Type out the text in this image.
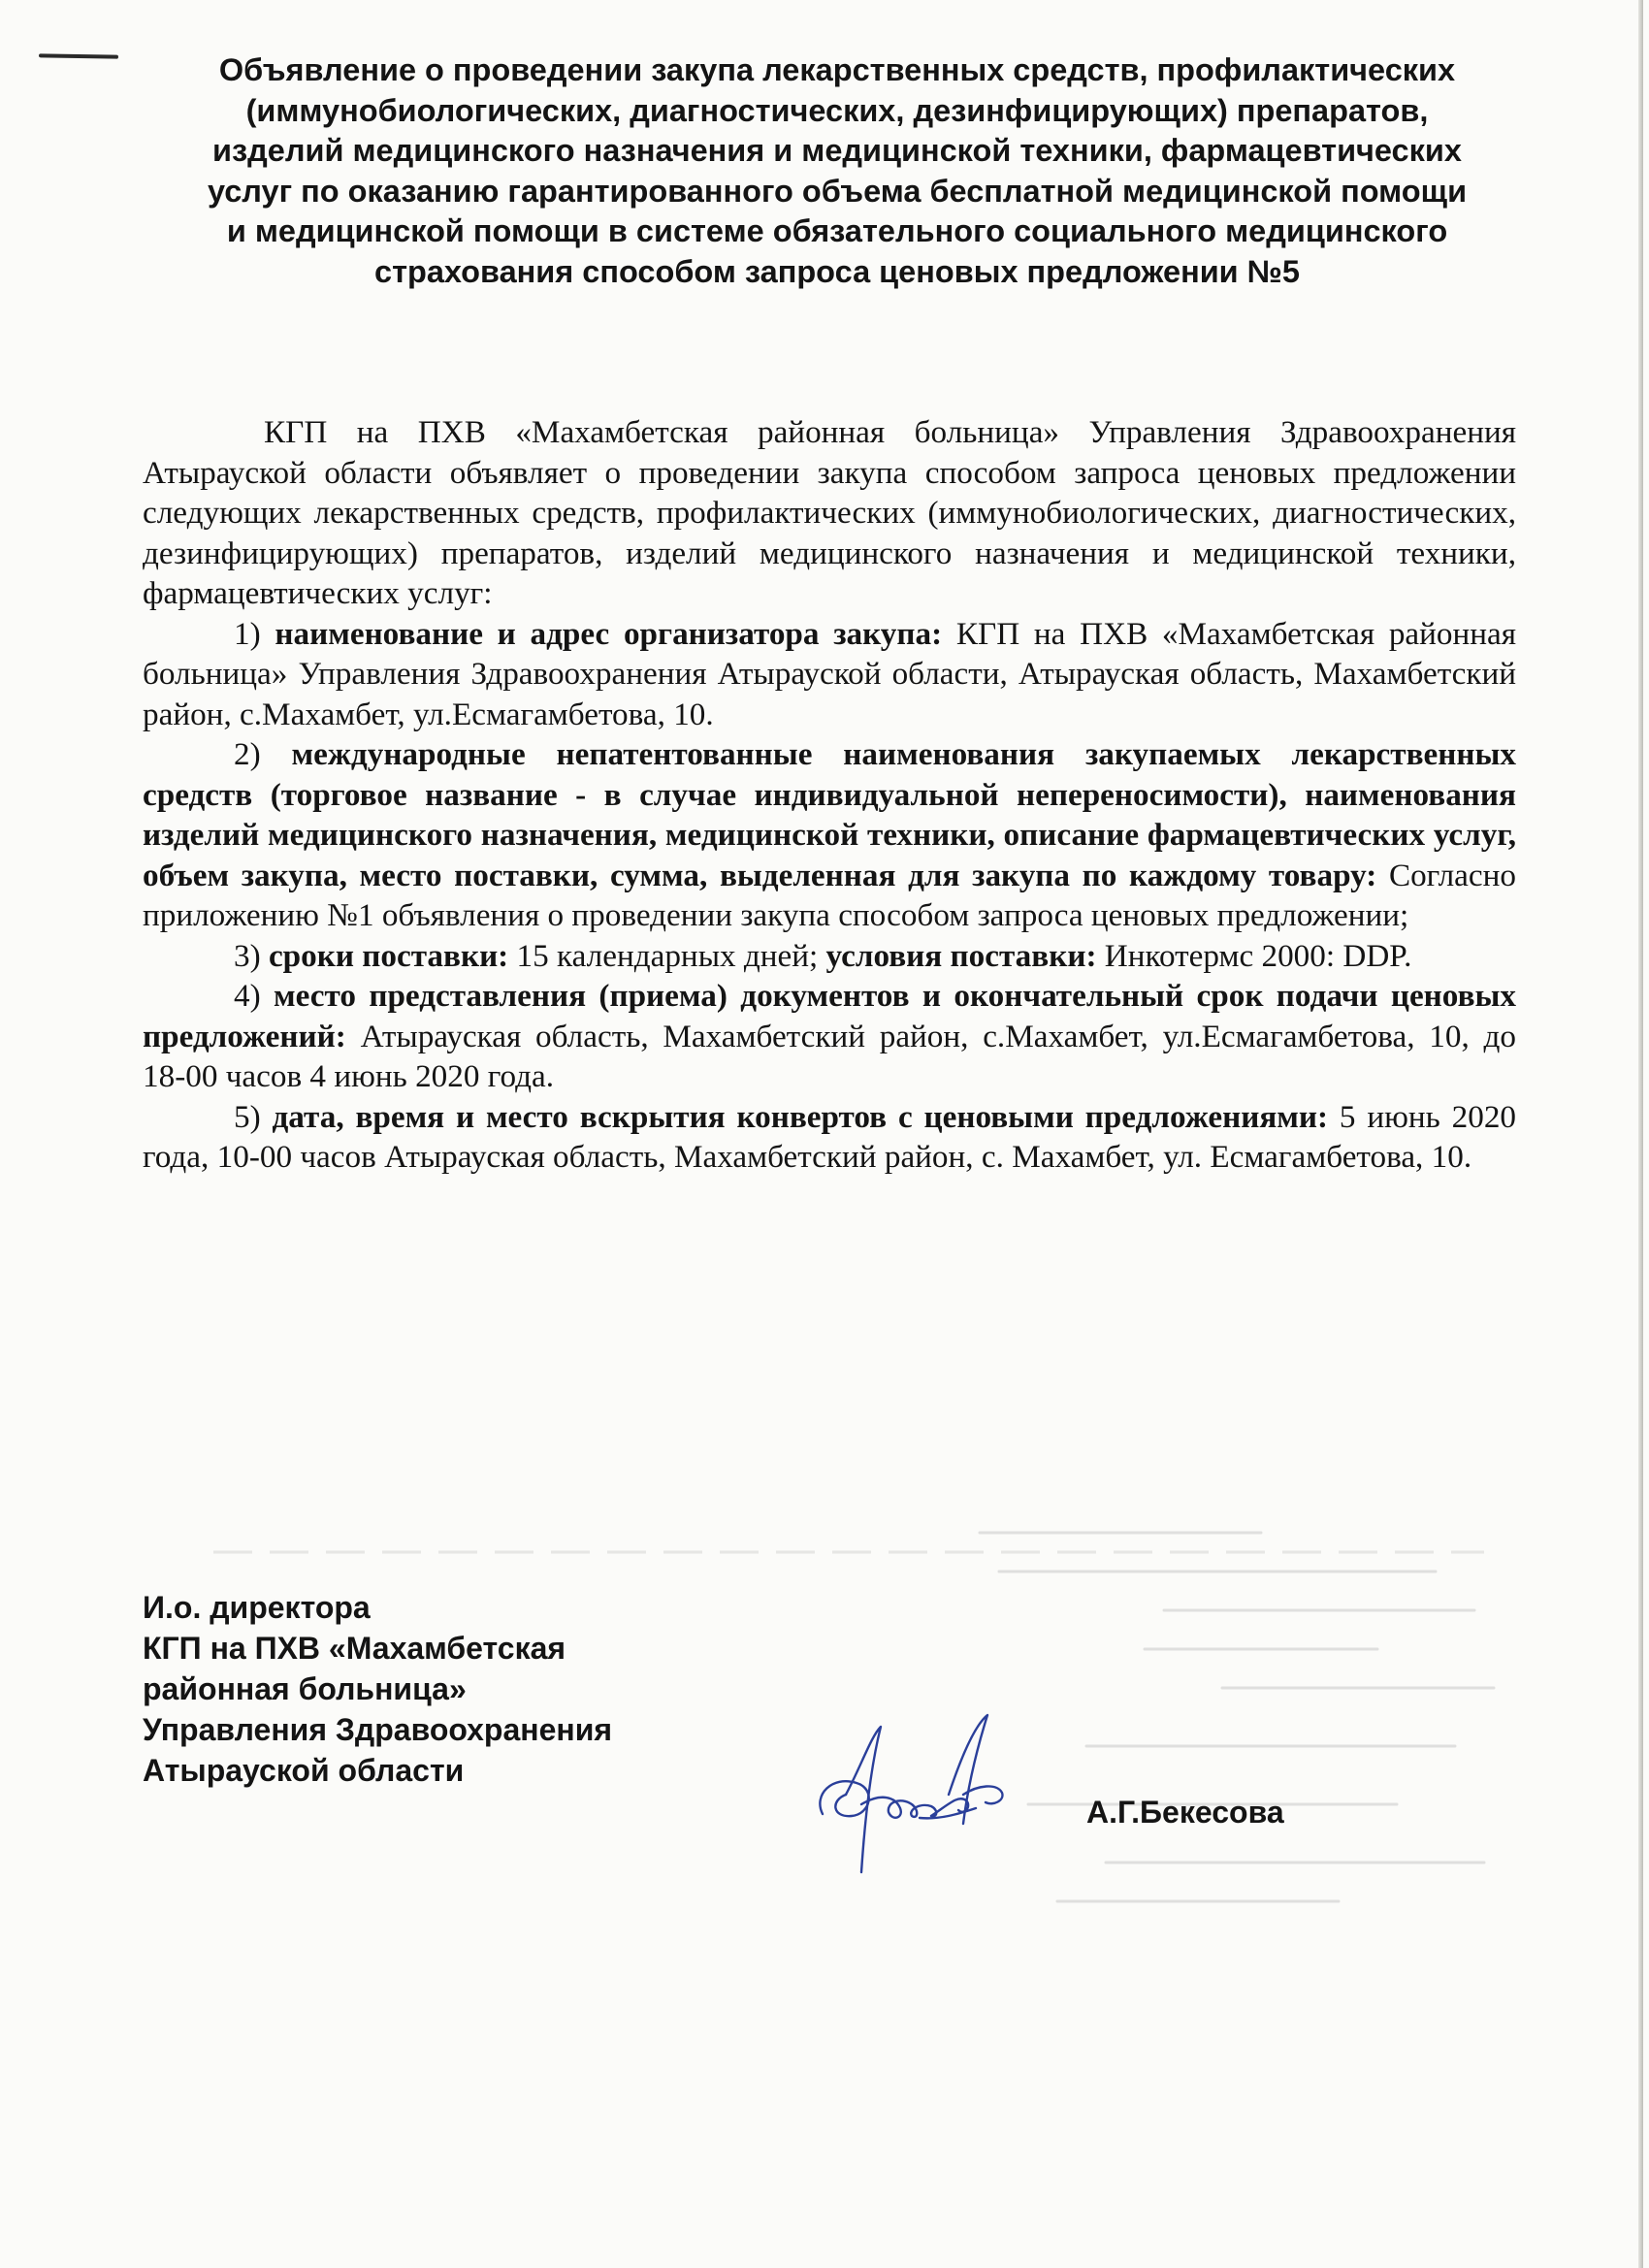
Объявление о проведении закупа лекарственных средств, профилактических
(иммунобиологических, диагностических, дезинфицирующих) препаратов,
изделий медицинского назначения и медицинской техники, фармацевтических
услуг по оказанию гарантированного объема бесплатной медицинской помощи
и медицинской помощи в системе обязательного социального медицинского
страхования способом запроса ценовых предложении №5

КГП на ПХВ «Махамбетская районная больница» Управления Здравоохранения Атырауской области объявляет о проведении закупа способом запроса ценовых предложении следующих лекарственных средств, профилактических (иммунобиологических, диагностических, дезинфицирующих) препаратов, изделий медицинского назначения и медицинской техники, фармацевтических услуг:

1) наименование и адрес организатора закупа: КГП на ПХВ «Махамбетская районная больница» Управления Здравоохранения Атырауской области, Атырауская область, Махамбетский район, с.Махамбет, ул.Есмагамбетова, 10.

2) международные непатентованные наименования закупаемых лекарственных средств (торговое название - в случае индивидуальной непереносимости), наименования изделий медицинского назначения, медицинской техники, описание фармацевтических услуг, объем закупа, место поставки, сумма, выделенная для закупа по каждому товару: Согласно приложению №1 объявления о проведении закупа способом запроса ценовых предложении;

3) сроки поставки: 15 календарных дней; условия поставки: Инкотермс 2000: DDP.

4) место представления (приема) документов и окончательный срок подачи ценовых предложений: Атырауская область, Махамбетский район, с.Махамбет, ул.Есмагамбетова, 10, до 18-00 часов 4 июнь 2020 года.

5) дата, время и место вскрытия конвертов с ценовыми предложениями: 5 июнь 2020 года, 10-00 часов Атырауская область, Махамбетский район, с. Махамбет, ул. Есмагамбетова, 10.

И.о. директора
КГП на ПХВ «Махамбетская
районная больница»
Управления Здравоохранения
Атырауской области
А.Г.Бекесова
